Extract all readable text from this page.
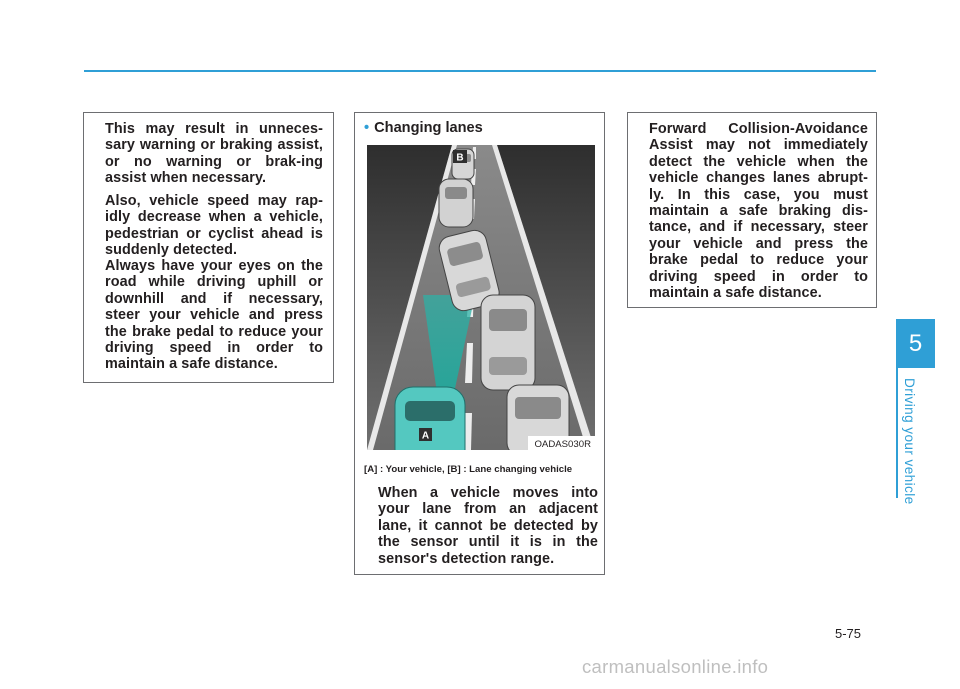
This may result in unneces-sary warning or braking assist, or no warning or brak-ing assist when necessary.

Also, vehicle speed may rap-idly decrease when a vehicle, pedestrian or cyclist ahead is suddenly detected.

Always have your eyes on the road while driving uphill or downhill and if necessary, steer your vehicle and press the brake pedal to reduce your driving speed in order to maintain a safe distance.

• Changing lanes
B
A
OADAS030R
[A] : Your vehicle, [B] : Lane changing vehicle

When a vehicle moves into your lane from an adjacent lane, it cannot be detected by the sensor until it is in the sensor's detection range.

Forward Collision-Avoidance Assist may not immediately detect the vehicle when the vehicle changes lanes abrupt-ly. In this case, you must maintain a safe braking dis-tance, and if necessary, steer your vehicle and press the brake pedal to reduce your driving speed in order to maintain a safe distance.

5
Driving your vehicle
5-75
carmanualsonline.info
